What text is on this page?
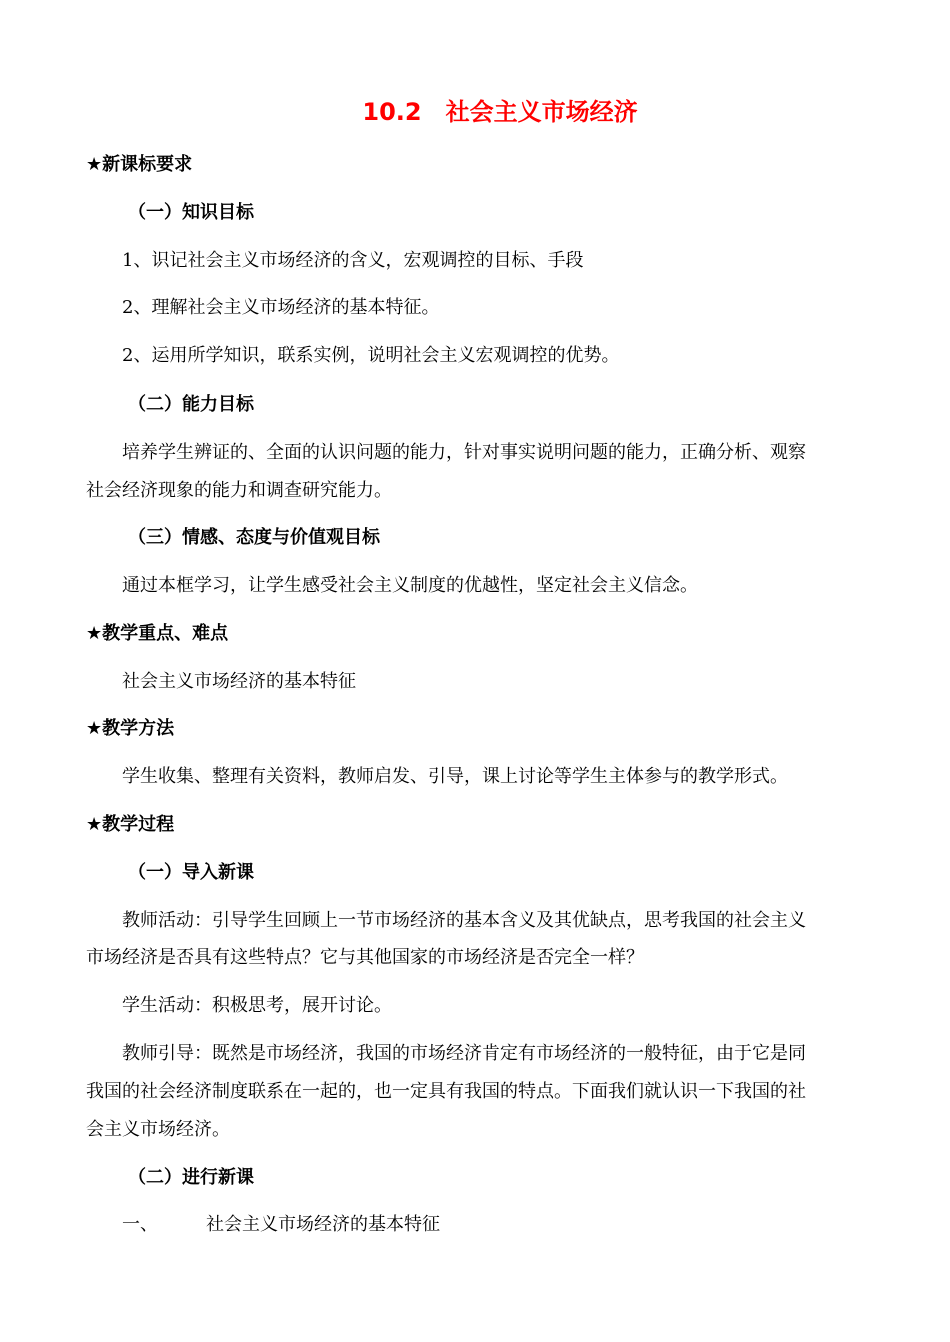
10.2 社会主义市场经济
★新课标要求
（一）知识目标
1、识记社会主义市场经济的含义，宏观调控的目标、手段
2、理解社会主义市场经济的基本特征。
2、运用所学知识，联系实例，说明社会主义宏观调控的优势。
（二）能力目标
培养学生辨证的、全面的认识问题的能力，针对事实说明问题的能力，正确分析、观察
社会经济现象的能力和调查研究能力。
（三）情感、态度与价值观目标
通过本框学习，让学生感受社会主义制度的优越性，坚定社会主义信念。
★教学重点、难点
社会主义市场经济的基本特征
★教学方法
学生收集、整理有关资料，教师启发、引导，课上讨论等学生主体参与的教学形式。
★教学过程
（一）导入新课
教师活动：引导学生回顾上一节市场经济的基本含义及其优缺点，思考我国的社会主义
市场经济是否具有这些特点？它与其他国家的市场经济是否完全一样？
学生活动：积极思考，展开讨论。
教师引导：既然是市场经济，我国的市场经济肯定有市场经济的一般特征，由于它是同
我国的社会经济制度联系在一起的，也一定具有我国的特点。下面我们就认识一下我国的社
会主义市场经济。
（二）进行新课
一、	社会主义市场经济的基本特征
